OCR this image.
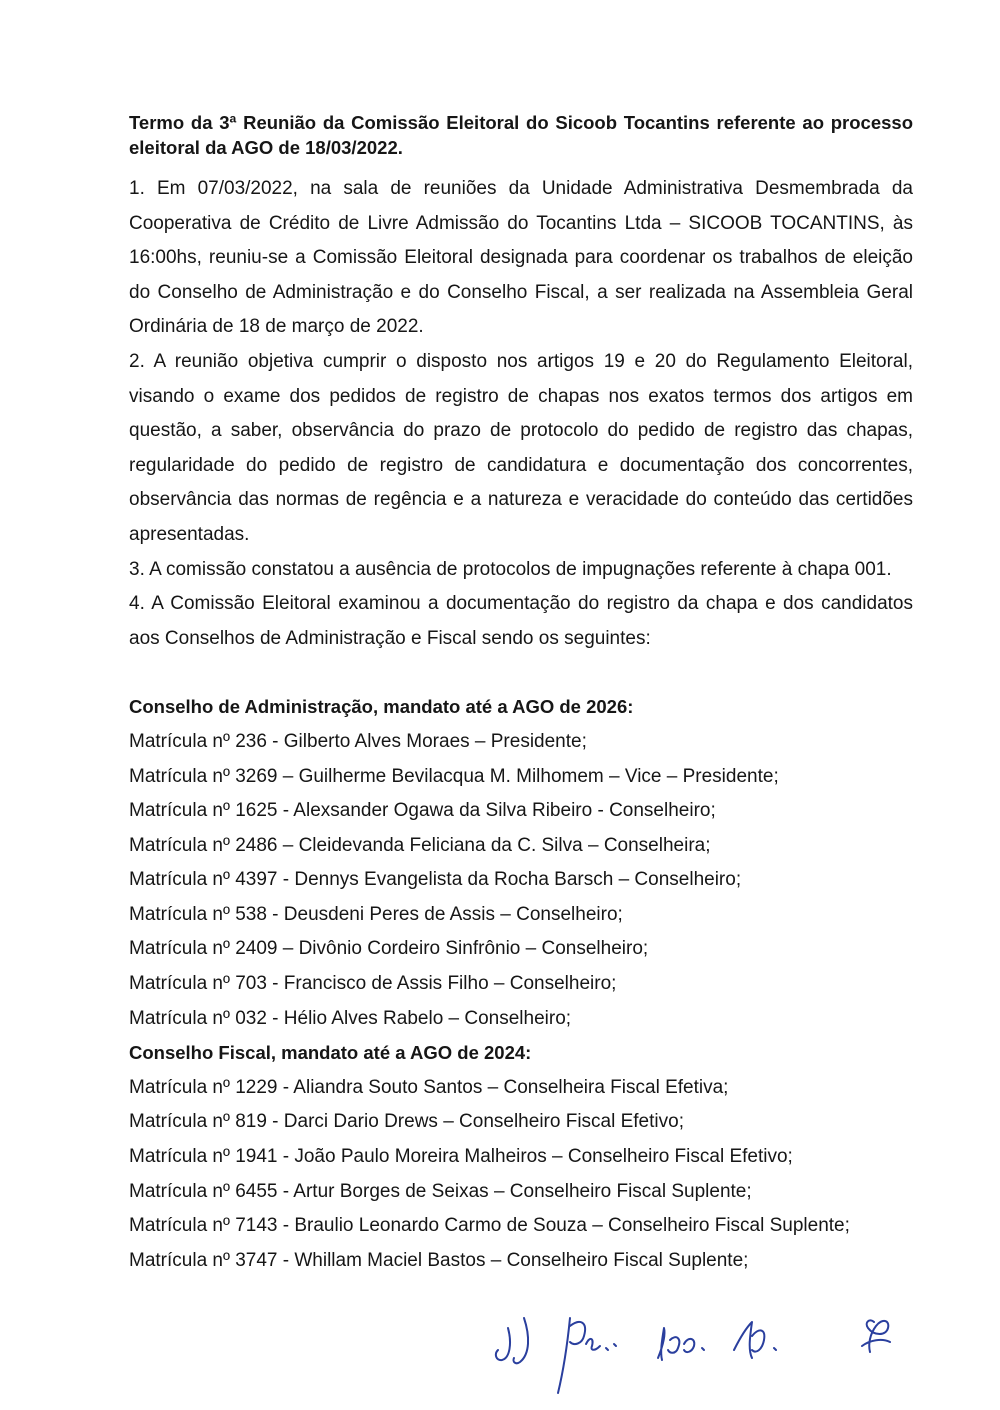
Termo da 3ª Reunião da Comissão Eleitoral do Sicoob Tocantins referente ao processo eleitoral da AGO de 18/03/2022.

1. Em 07/03/2022, na sala de reuniões da Unidade Administrativa Desmembrada da Cooperativa de Crédito de Livre Admissão do Tocantins Ltda – SICOOB TOCANTINS, às 16:00hs, reuniu-se a Comissão Eleitoral designada para coordenar os trabalhos de eleição do Conselho de Administração e do Conselho Fiscal, a ser realizada na Assembleia Geral Ordinária de 18 de março de 2022.

2. A reunião objetiva cumprir o disposto nos artigos 19 e 20 do Regulamento Eleitoral, visando o exame dos pedidos de registro de chapas nos exatos termos dos artigos em questão, a saber, observância do prazo de protocolo do pedido de registro das chapas, regularidade do pedido de registro de candidatura e documentação dos concorrentes, observância das normas de regência e a natureza e veracidade do conteúdo das certidões apresentadas.

3. A comissão constatou a ausência de protocolos de impugnações referente à chapa 001.

4. A Comissão Eleitoral examinou a documentação do registro da chapa e dos candidatos aos Conselhos de Administração e Fiscal sendo os seguintes:

Conselho de Administração, mandato até a AGO de 2026:

Matrícula nº 236 - Gilberto Alves Moraes – Presidente;

Matrícula nº 3269 – Guilherme Bevilacqua M. Milhomem – Vice – Presidente;

Matrícula nº 1625 - Alexsander Ogawa da Silva Ribeiro - Conselheiro;

Matrícula nº 2486 – Cleidevanda Feliciana da C. Silva – Conselheira;

Matrícula nº 4397 - Dennys Evangelista da Rocha Barsch – Conselheiro;

Matrícula nº 538 - Deusdeni Peres de Assis – Conselheiro;

Matrícula nº 2409 – Divônio Cordeiro Sinfrônio – Conselheiro;

Matrícula nº 703 - Francisco de Assis Filho – Conselheiro;

Matrícula nº 032 - Hélio Alves Rabelo – Conselheiro;

Conselho Fiscal, mandato até a AGO de 2024:

Matrícula nº 1229 - Aliandra Souto Santos – Conselheira Fiscal Efetiva;

Matrícula nº 819 - Darci Dario Drews – Conselheiro Fiscal Efetivo;

Matrícula nº 1941 - João Paulo Moreira Malheiros – Conselheiro Fiscal Efetivo;

Matrícula nº 6455 - Artur Borges de Seixas – Conselheiro Fiscal Suplente;

Matrícula nº 7143 - Braulio Leonardo Carmo de Souza – Conselheiro Fiscal Suplente;

Matrícula nº 3747 - Whillam Maciel Bastos – Conselheiro Fiscal Suplente;
